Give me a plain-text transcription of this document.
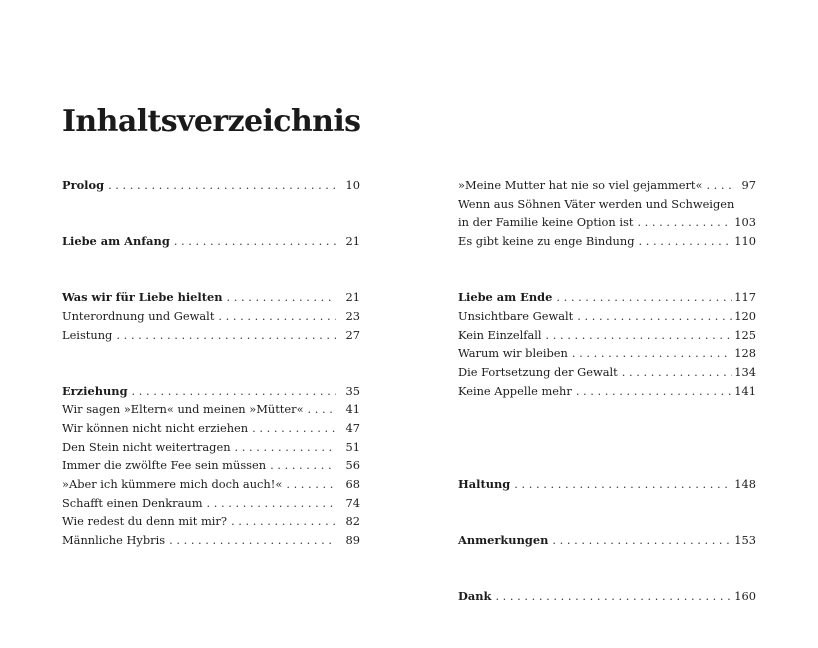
Inhaltsverzeichnis
Prolog . . .	10
Liebe am Anfang . . .	21
Was wir für Liebe hielten . . .	21
Unterordnung und Gewalt . . .	23
Leistung . . .	27
Erziehung . . .	35
Wir sagen »Eltern« und meinen »Mütter« . . .	41
Wir können nicht nicht erziehen . . .	47
Den Stein nicht weitertragen . . .	51
Immer die zwölfte Fee sein müssen . . .	56
»Aber ich kümmere mich doch auch!« . . .	68
Schafft einen Denkraum . . .	74
Wie redest du denn mit mir? . . .	82
Männliche Hybris . . .	89
»Meine Mutter hat nie so viel gejammert« . . .	97
Wenn aus Söhnen Väter werden und Schweigen
in der Familie keine Option ist . . .	103
Es gibt keine zu enge Bindung . . .	110
Liebe am Ende . . .	117
Unsichtbare Gewalt . . .	120
Kein Einzelfall . . .	125
Warum wir bleiben . . .	128
Die Fortsetzung der Gewalt . . .	134
Keine Appelle mehr . . .	141
Haltung . . .	148
Anmerkungen . . .	153
Dank . . .	160
